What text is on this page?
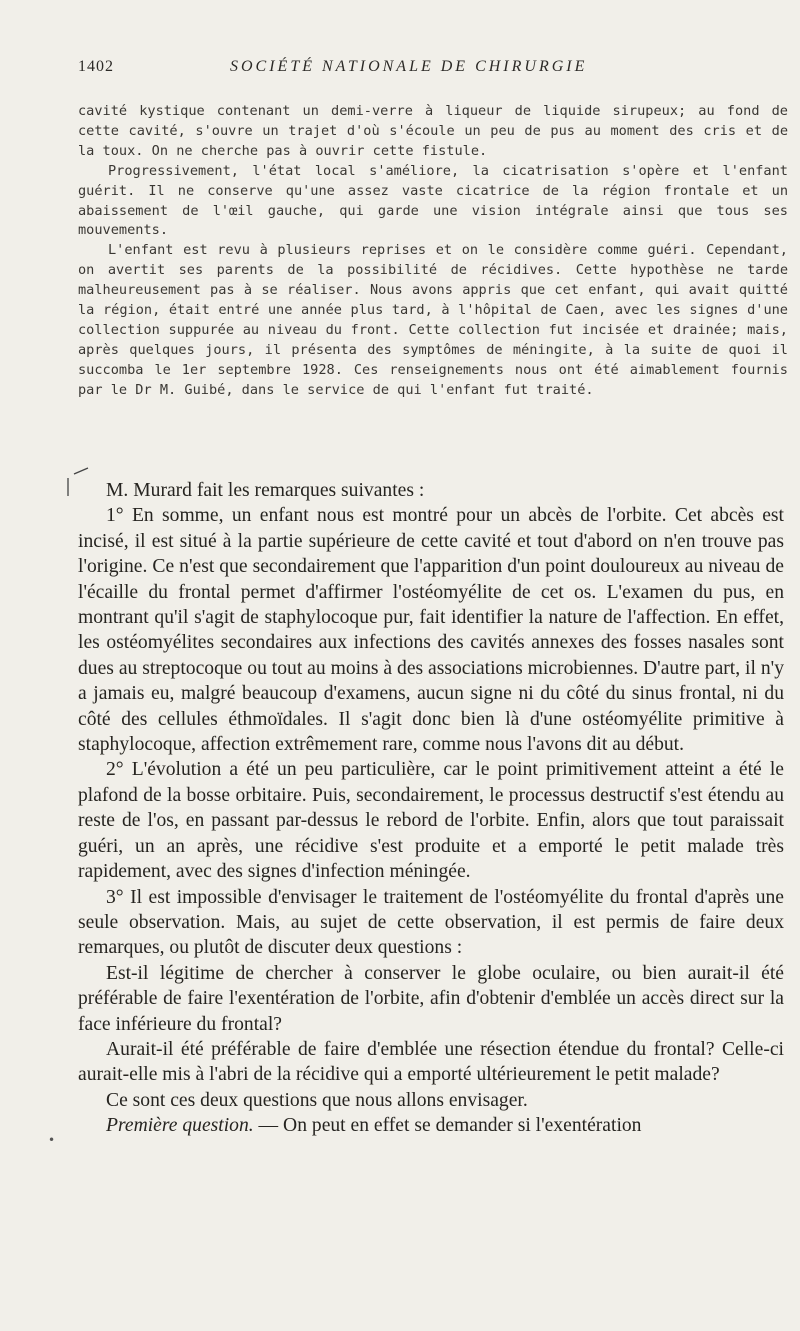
1402	SOCIÉTÉ NATIONALE DE CHIRURGIE

cavité kystique contenant un demi-verre à liqueur de liquide sirupeux; au fond de cette cavité, s'ouvre un trajet d'où s'écoule un peu de pus au moment des cris et de la toux. On ne cherche pas à ouvrir cette fistule.

Progressivement, l'état local s'améliore, la cicatrisation s'opère et l'enfant guérit. Il ne conserve qu'une assez vaste cicatrice de la région frontale et un abaissement de l'œil gauche, qui garde une vision intégrale ainsi que tous ses mouvements.

L'enfant est revu à plusieurs reprises et on le considère comme guéri. Cependant, on avertit ses parents de la possibilité de récidives. Cette hypothèse ne tarde malheureusement pas à se réaliser. Nous avons appris que cet enfant, qui avait quitté la région, était entré une année plus tard, à l'hôpital de Caen, avec les signes d'une collection suppurée au niveau du front. Cette collection fut incisée et drainée; mais, après quelques jours, il présenta des symptômes de méningite, à la suite de quoi il succomba le 1er septembre 1928. Ces renseignements nous ont été aimablement fournis par le Dr M. Guibé, dans le service de qui l'enfant fut traité.

M. Murard fait les remarques suivantes :

1° En somme, un enfant nous est montré pour un abcès de l'orbite. Cet abcès est incisé, il est situé à la partie supérieure de cette cavité et tout d'abord on n'en trouve pas l'origine. Ce n'est que secondairement que l'apparition d'un point douloureux au niveau de l'écaille du frontal permet d'affirmer l'ostéomyélite de cet os. L'examen du pus, en montrant qu'il s'agit de staphylocoque pur, fait identifier la nature de l'affection. En effet, les ostéomyélites secondaires aux infections des cavités annexes des fosses nasales sont dues au streptocoque ou tout au moins à des associations microbiennes. D'autre part, il n'y a jamais eu, malgré beaucoup d'examens, aucun signe ni du côté du sinus frontal, ni du côté des cellules éthmoïdales. Il s'agit donc bien là d'une ostéomyélite primitive à staphylocoque, affection extrêmement rare, comme nous l'avons dit au début.

2° L'évolution a été un peu particulière, car le point primitivement atteint a été le plafond de la bosse orbitaire. Puis, secondairement, le processus destructif s'est étendu au reste de l'os, en passant par-dessus le rebord de l'orbite. Enfin, alors que tout paraissait guéri, un an après, une récidive s'est produite et a emporté le petit malade très rapidement, avec des signes d'infection méningée.

3° Il est impossible d'envisager le traitement de l'ostéomyélite du frontal d'après une seule observation. Mais, au sujet de cette observation, il est permis de faire deux remarques, ou plutôt de discuter deux questions :

Est-il légitime de chercher à conserver le globe oculaire, ou bien aurait-il été préférable de faire l'exentération de l'orbite, afin d'obtenir d'emblée un accès direct sur la face inférieure du frontal?

Aurait-il été préférable de faire d'emblée une résection étendue du frontal? Celle-ci aurait-elle mis à l'abri de la récidive qui a emporté ultérieurement le petit malade?

Ce sont ces deux questions que nous allons envisager.

Première question. — On peut en effet se demander si l'exentération

•
